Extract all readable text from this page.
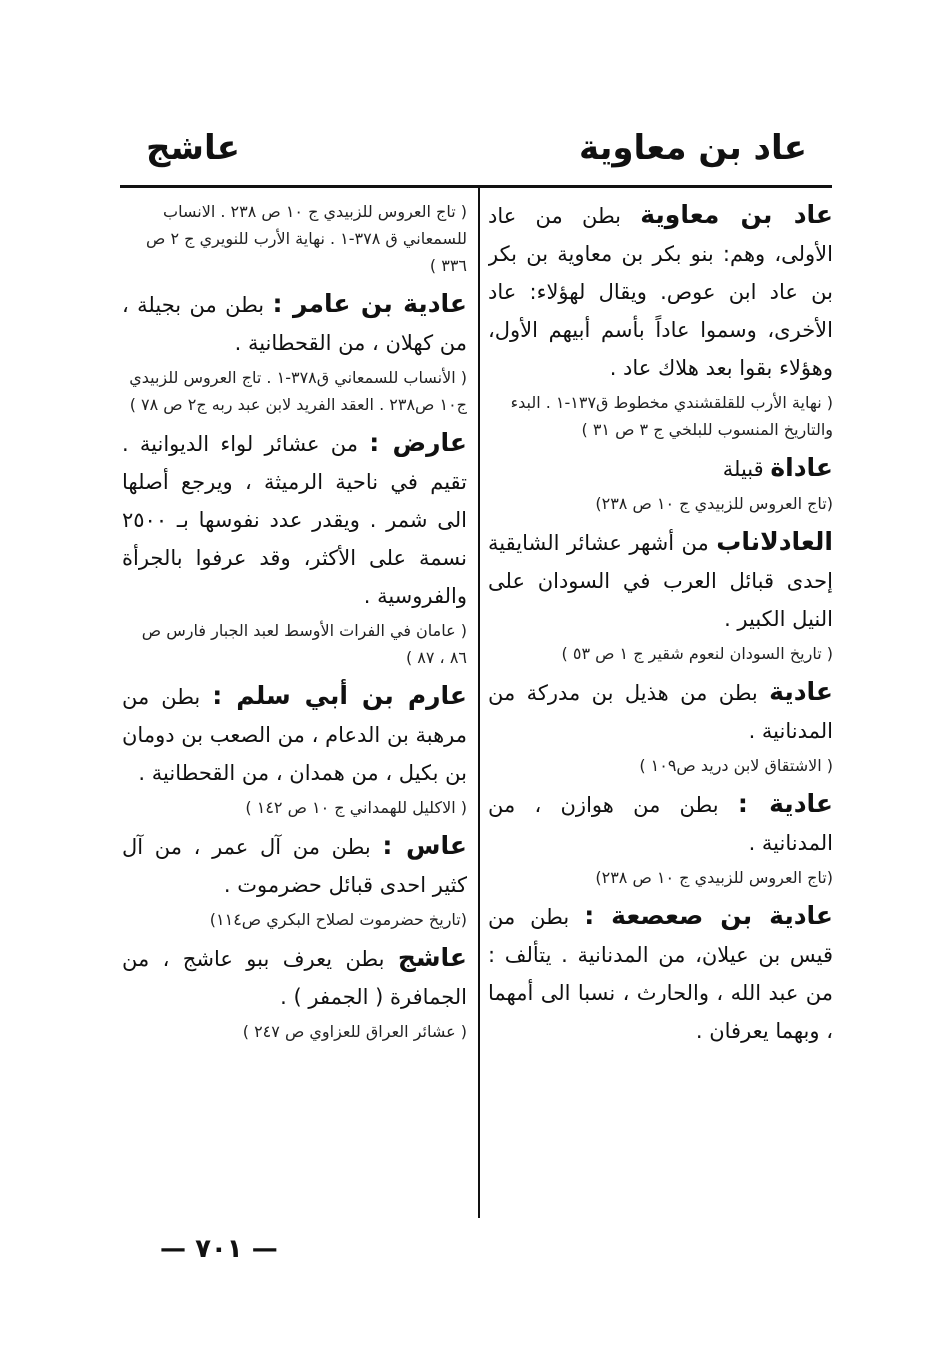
عاد بن معاوية
عاشج
عاد بن معاوية بطن من عاد الأولى، وهم: بنو بكر بن معاوية بن بكر بن عاد ابن عوص. ويقال لهؤلاء: عاد الأخرى، وسموا عاداً بأسم أبيهم الأول، وهؤلاء بقوا بعد هلاك عاد .
( نهاية الأرب للقلقشندي مخطوط ق١٣٧-١ . البدء والتاريخ المنسوب للبلخي ج ٣ ص ٣١ )
عاداة قبيلة
(تاج العروس للزبيدي ج ١٠ ص ٢٣٨)
العادلاناب من أشهر عشائر الشايقية إحدى قبائل العرب في السودان على النيل الكبير .
( تاريخ السودان لنعوم شقير ج ١ ص ٥٣ )
عادية بطن من هذيل بن مدركة من المدنانية .
( الاشتقاق لابن دريد ص١٠٩ )
عادية : بطن من هوازن ، من المدنانية .
(تاج العروس للزبيدي ج ١٠ ص ٢٣٨)
عادية بن صعصعة : بطن من قيس بن عيلان، من المدنانية . يتألف : من عبد الله ، والحارث ، نسبا الى أمهما ، وبهما يعرفان .
( تاج العروس للزبيدي ج ١٠ ص ٢٣٨ . الانساب للسمعاني ق ٣٧٨-١ . نهاية الأرب للنويري ج ٢ ص ٣٣٦ )
عادية بن عامر : بطن من بجيلة ، من كهلان ، من القحطانية .
( الأنساب للسمعاني ق٣٧٨-١ . تاج العروس للزبيدي ج١٠ ص٢٣٨ . العقد الفريد لابن عبد ربه ج٢ ص ٧٨ )
عارض : من عشائر لواء الديوانية . تقيم في ناحية الرميثة ، ويرجع أصلها الى شمر . ويقدر عدد نفوسها بـ ٢٥٠٠ نسمة على الأكثر، وقد عرفوا بالجرأة والفروسية .
( عامان في الفرات الأوسط لعبد الجبار فارس ص ٨٦ ، ٨٧ )
عارم بن أبي سلم : بطن من مرهبة بن الدعام ، من الصعب بن دومان بن بكيل ، من همدان ، من القحطانية .
( الاكليل للهمداني ج ١٠ ص ١٤٢ )
عاس : بطن من آل عمر ، من آل كثير احدى قبائل حضرموت .
(تاريخ حضرموت لصلاح البكري ص١١٤)
عاشج بطن يعرف ببو عاشج ، من الجمافرة ( الجمفر ) .
( عشائر العراق للعزاوي ص ٢٤٧ )
— ٧٠١ —
